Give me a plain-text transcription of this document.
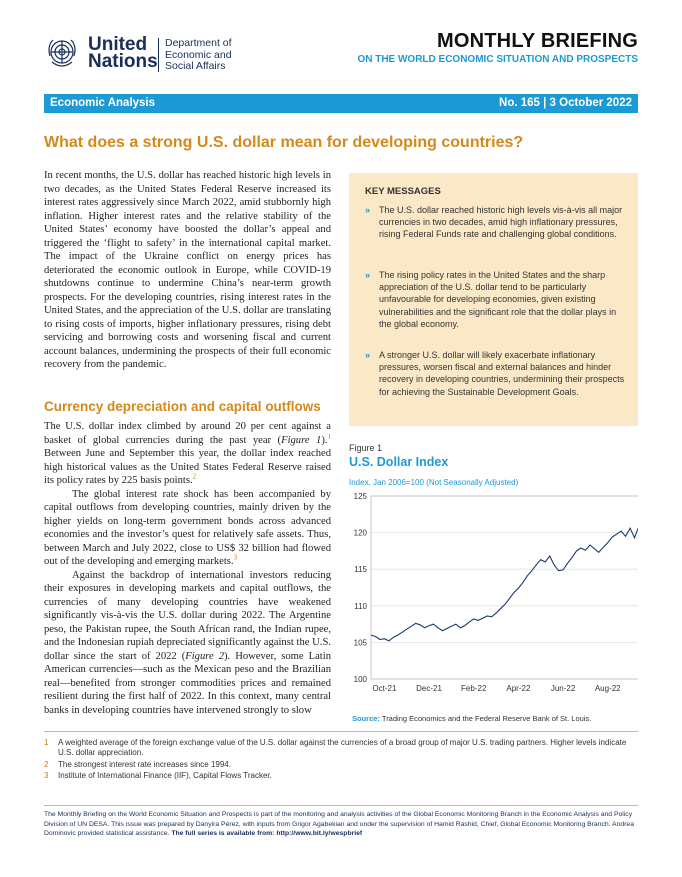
United
Nations
Department of
Economic and
Social Affairs
MONTHLY BRIEFING
ON THE WORLD ECONOMIC SITUATION AND PROSPECTS
Economic Analysis	No. 165 | 3 October 2022
What does a strong U.S. dollar mean for developing countries?

In recent months, the U.S. dollar has reached historic high levels in two decades, as the United States Federal Reserve increased its interest rates aggressively since March 2022, amid stubbornly high inflation. Higher interest rates and the relative stability of the United States’ economy have boosted the dollar’s appeal and triggered the ‘flight to safety’ in the international capital market. The impact of the Ukraine conflict on energy prices has deteriorated the economic outlook in Europe, while COVID-19 shutdowns continue to undermine China’s near-term growth prospects. For the developing countries, rising interest rates in the United States, and the appreciation of the U.S. dollar are translating to rising costs of imports, higher inflationary pressures, rising debt servicing and borrowing costs and worsening fiscal and current account balances, undermining the prospects of their full economic recovery from the pandemic.

Currency depreciation and capital outflows

The U.S. dollar index climbed by around 20 per cent against a basket of global currencies during the past year (Figure 1).$^1$ Between June and September this year, the dollar index reached high historical values as the United States Federal Reserve raised its policy rates by 225 basis points.$^2$

The global interest rate shock has been accompanied by capital outflows from developing countries, mainly driven by the higher yields on long-term government bonds across advanced economies and the investor’s quest for relatively safe assets. Thus, between March and July 2022, close to US$ 32 billion had flowed out of the developing and emerging markets.$^3$

Against the backdrop of international investors reducing their exposures in developing markets and capital outflows, the currencies of many developing countries have weakened significantly vis-à-vis the U.S. dollar during 2022. The Argentine peso, the Pakistan rupee, the South African rand, the Indian rupee, and the Indonesian rupiah depreciated significantly against the U.S. dollar since the start of 2022 (Figure 2). However, some Latin American currencies—such as the Mexican peso and the Brazilian real—benefited from stronger commodities prices and remained resilient during the first half of 2022. In this context, many central banks in developing countries have intervened strongly to slow

KEY MESSAGES
» The U.S. dollar reached historic high levels vis-à-vis all major currencies in two decades, amid high inflationary pressures, rising Federal Funds rate and challenging global conditions.
» The rising policy rates in the United States and the sharp appreciation of the U.S. dollar tend to be particularly unfavourable for developing economies, given existing vulnerabilities and the significant role that the dollar plays in the global economy.
» A stronger U.S. dollar will likely exacerbate inflationary pressures, worsen fiscal and external balances and hinder recovery in developing countries, undermining their prospects for achieving the Sustainable Development Goals.
Figure 1
U.S. Dollar Index
Index, Jan 2006=100 (Not Seasonally Adjusted)
100
105
110
115
120
125
Oct-21 Dec-21 Feb-22 Apr-22	Jun-22 Aug-22
Source: Trading Economics and the Federal Reserve Bank of St. Louis.
1	A weighted average of the foreign exchange value of the U.S. dollar against the currencies of a broad group of major U.S. trading partners. Higher levels indicate U.S. dollar appreciation.
2	The strongest interest rate increases since 1994.
3	Institute of International Finance (IIF), Capital Flows Tracker.
The Monthly Briefing on the World Economic Situation and Prospects is part of the monitoring and analysis activities of the Global Economic Monitoring Branch in the Economic Analysis and Policy Division of UN DESA. This issue was prepared by Danyira Pérez, with inputs from Grigor Agabekian and under the supervision of Hamid Rashid, Chief, Global Economic Monitoring Branch. Andrea Dominovic provided statistical assistance. The full series is available from: http://www.bit.ly/wespbrief
